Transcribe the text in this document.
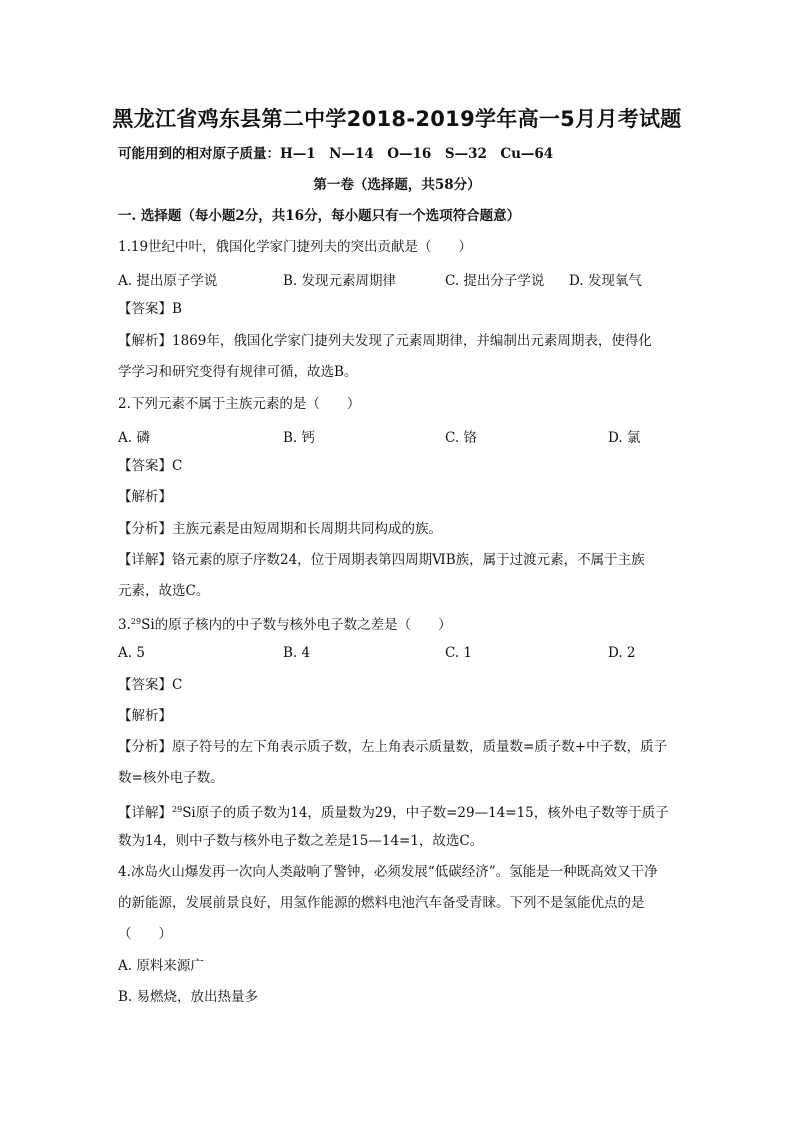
黑龙江省鸡东县第二中学2018-2019学年高一5月月考试题
可能用到的相对原子质量：H—1　N—14　O—16　S—32　Cu—64
第一卷（选择题，共58分）
一. 选择题（每小题2分，共16分，每小题只有一个选项符合题意）
1.19世纪中叶，俄国化学家门捷列夫的突出贡献是（　　）
A. 提出原子学说	B. 发现元素周期律	C. 提出分子学说 D. 发现氧气
【答案】B
【解析】1869年，俄国化学家门捷列夫发现了元素周期律，并编制出元素周期表，使得化
学学习和研究变得有规律可循，故选B。
2.下列元素不属于主族元素的是（　　）
A. 磷	B. 钙	C. 铬	D. 氯
【答案】C
【解析】
【分析】主族元素是由短周期和长周期共同构成的族。
【详解】铬元素的原子序数24，位于周期表第四周期ⅥB族，属于过渡元素，不属于主族
元素，故选C。
3.29Si的原子核内的中子数与核外电子数之差是（　　）
A. 5	B. 4	C. 1	D. 2
【答案】C
【解析】
【分析】原子符号的左下角表示质子数，左上角表示质量数，质量数=质子数+中子数，质子
数=核外电子数。
【详解】$^{29}$Si原子的质子数为14，质量数为29，中子数=29—14=15，核外电子数等于质子
数为14，则中子数与核外电子数之差是15—14=1，故选C。
4.冰岛火山爆发再一次向人类敲响了警钟，必须发展“低碳经济”。氢能是一种既高效又干净
的新能源，发展前景良好，用氢作能源的燃料电池汽车备受青睐。下列不是氢能优点的是
（　　）
A. 原料来源广
B. 易燃烧，放出热量多
